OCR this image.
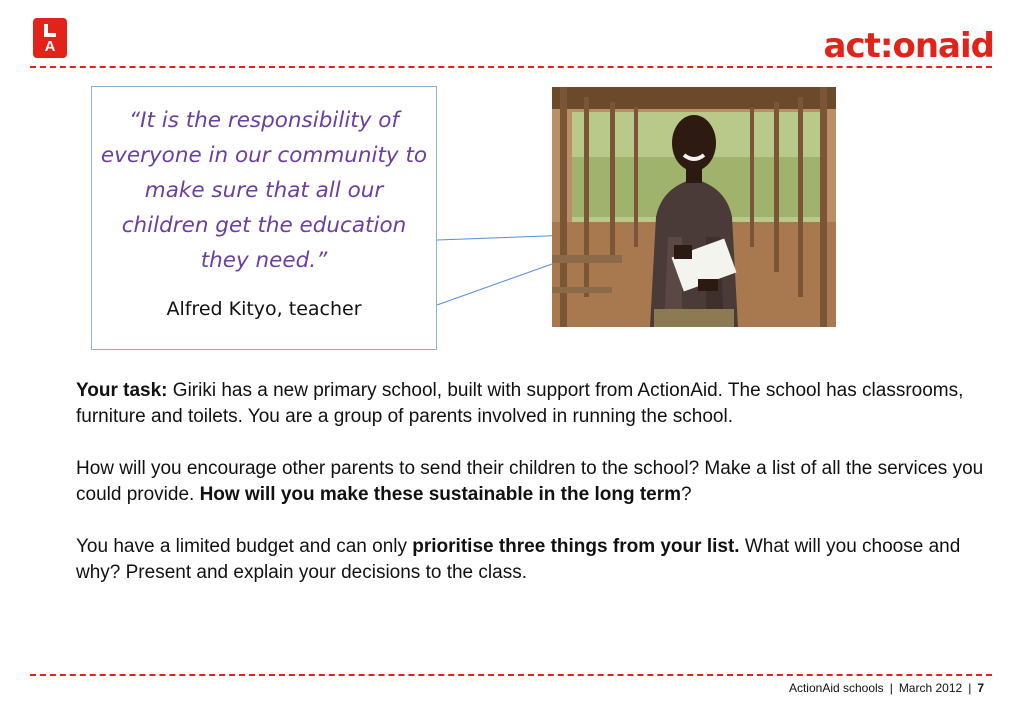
A	act:onaid
“It is the responsibility of everyone in our community to make sure that all our children get the education they need.”
Alfred Kityo, teacher

Your task: Giriki has a new primary school, built with support from ActionAid. The school has classrooms, furniture and toilets. You are a group of parents involved in running the school.

How will you encourage other parents to send their children to the school? Make a list of all the services you could provide. How will you make these sustainable in the long term?

You have a limited budget and can only prioritise three things from your list. What will you choose and why? Present and explain your decisions to the class.

ActionAid schools | March 2012 | 7
